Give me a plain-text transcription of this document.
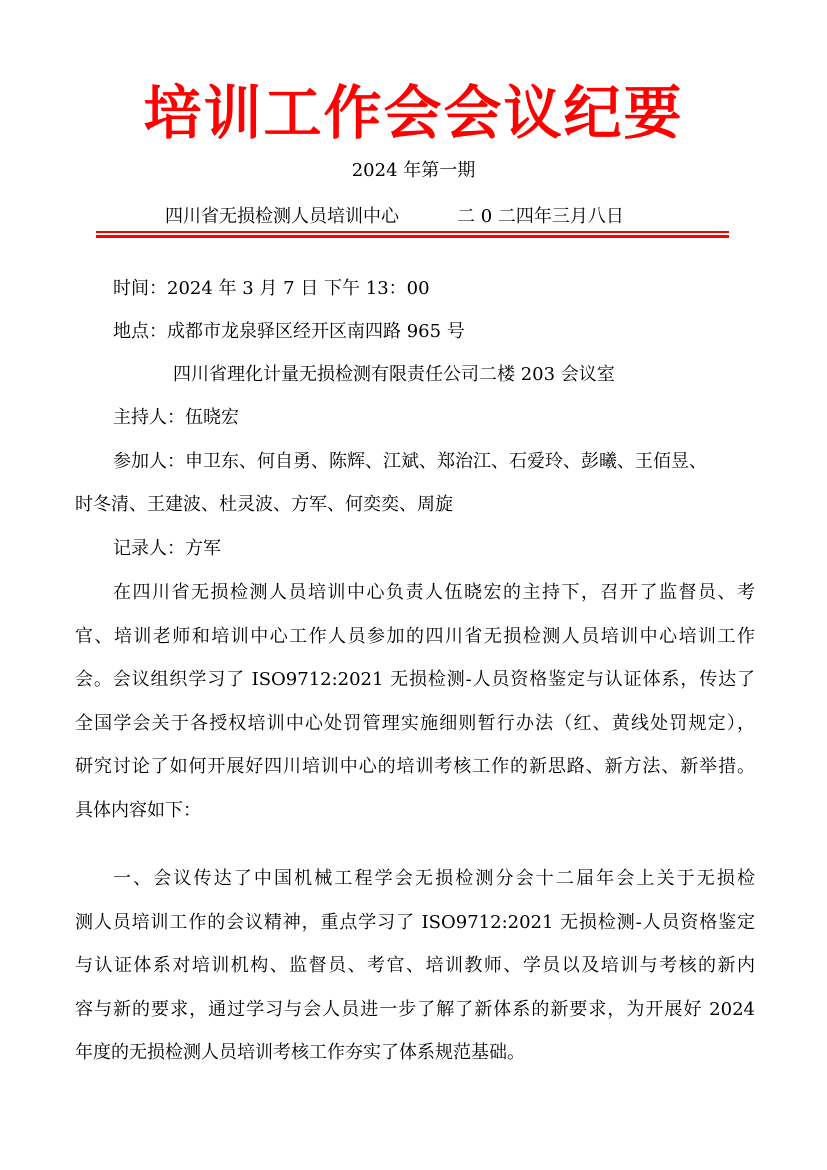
培训工作会会议纪要
2024 年第一期
四川省无损检测人员培训中心	二 0 二四年三月八日
时间：2024 年 3 月 7 日 下午 13：00
地点：成都市龙泉驿区经开区南四路 965 号
四川省理化计量无损检测有限责任公司二楼 203 会议室
主持人：伍晓宏
参加人：申卫东、何自勇、陈辉、江斌、郑治江、石爱玲、彭曦、王佰昱、
时冬清、王建波、杜灵波、方军、何奕奕、周旋
记录人：方军
在四川省无损检测人员培训中心负责人伍晓宏的主持下，召开了监督员、考
官、培训老师和培训中心工作人员参加的四川省无损检测人员培训中心培训工作
会。会议组织学习了 ISO9712:2021 无损检测-人员资格鉴定与认证体系，传达了
全国学会关于各授权培训中心处罚管理实施细则暂行办法（红、黄线处罚规定），
研究讨论了如何开展好四川培训中心的培训考核工作的新思路、新方法、新举措。
具体内容如下：
一、会议传达了中国机械工程学会无损检测分会十二届年会上关于无损检
测人员培训工作的会议精神，重点学习了 ISO9712:2021 无损检测-人员资格鉴定
与认证体系对培训机构、监督员、考官、培训教师、学员以及培训与考核的新内
容与新的要求，通过学习与会人员进一步了解了新体系的新要求，为开展好 2024
年度的无损检测人员培训考核工作夯实了体系规范基础。
